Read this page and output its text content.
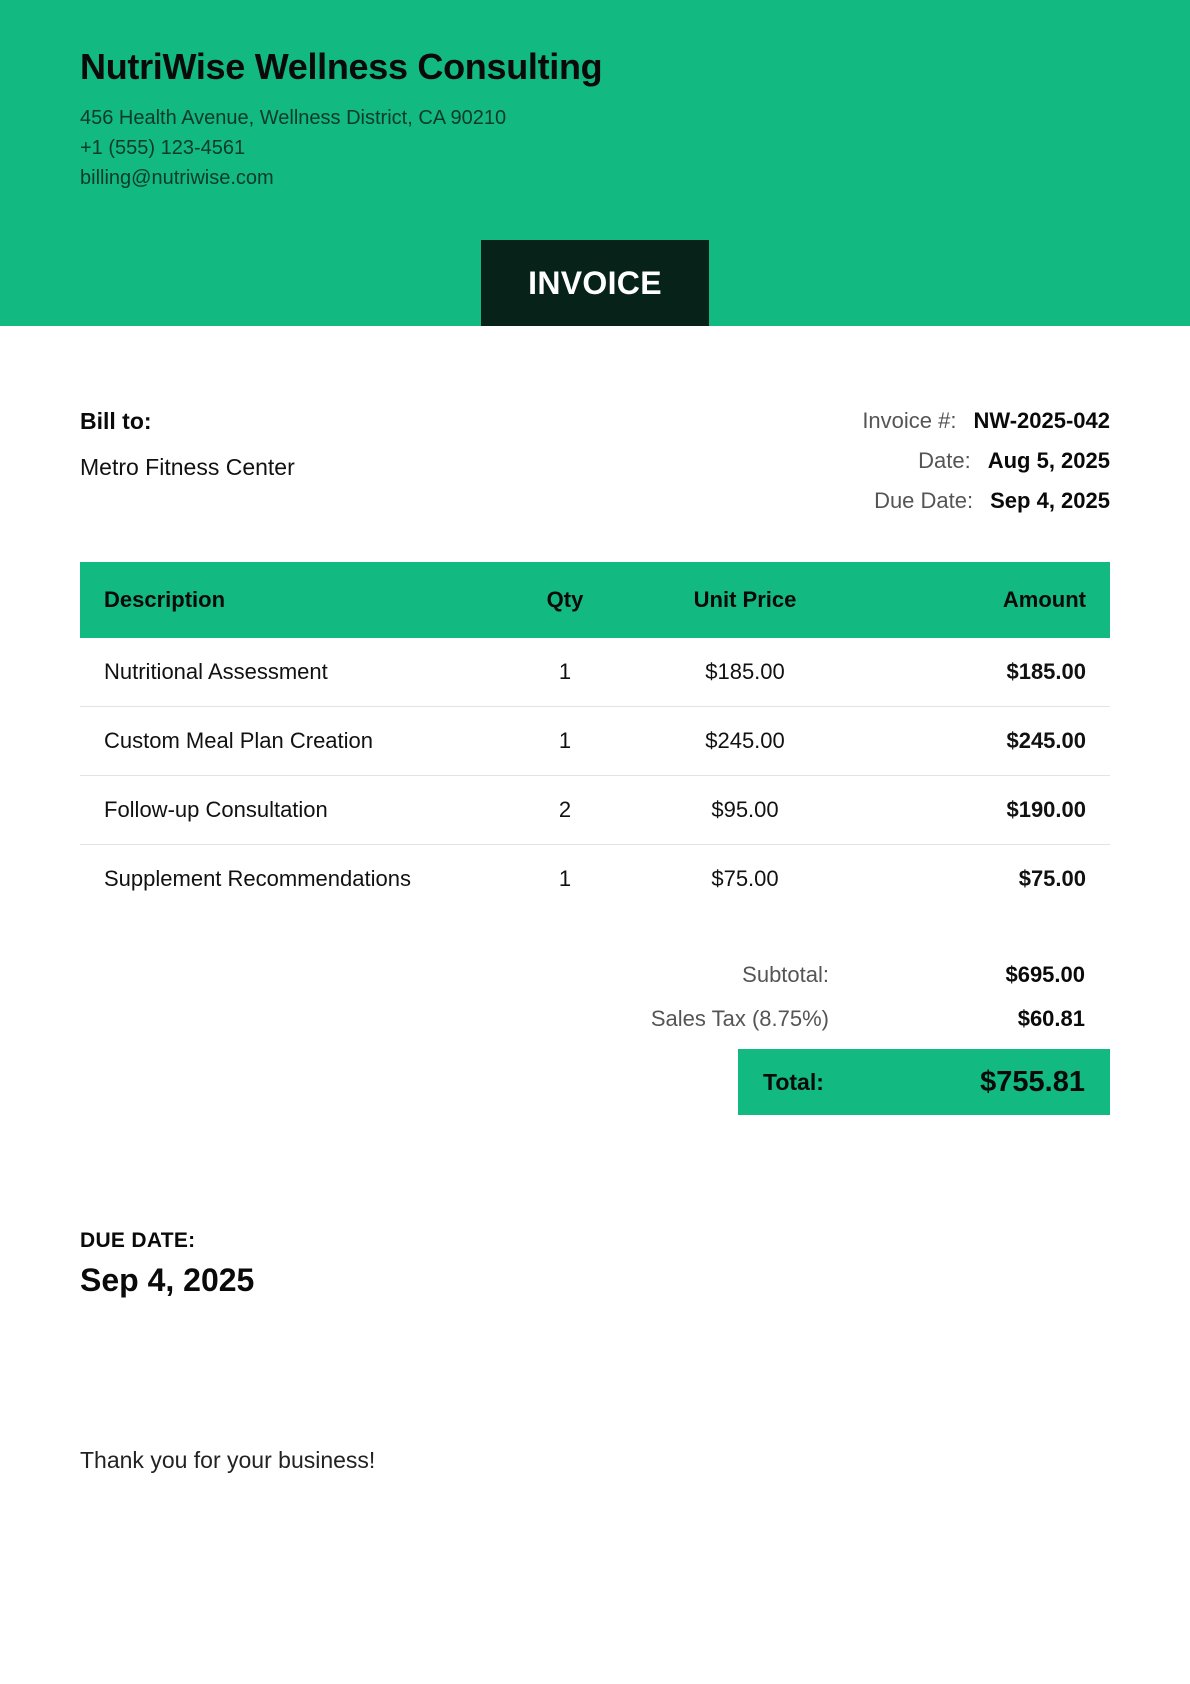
NutriWise Wellness Consulting
456 Health Avenue, Wellness District, CA 90210
+1 (555) 123-4561
billing@nutriwise.com
INVOICE
Bill to:
Metro Fitness Center
Invoice #: NW-2025-042
Date: Aug 5, 2025
Due Date: Sep 4, 2025
Description	Qty	Unit Price	Amount
Nutritional Assessment	1	$185.00	$185.00
Custom Meal Plan Creation	1	$245.00	$245.00
Follow-up Consultation	2	$95.00	$190.00
Supplement Recommendations	1	$75.00	$75.00
Subtotal:	$695.00
Sales Tax (8.75%)	$60.81
Total:	$755.81
DUE DATE:
Sep 4, 2025
Thank you for your business!
